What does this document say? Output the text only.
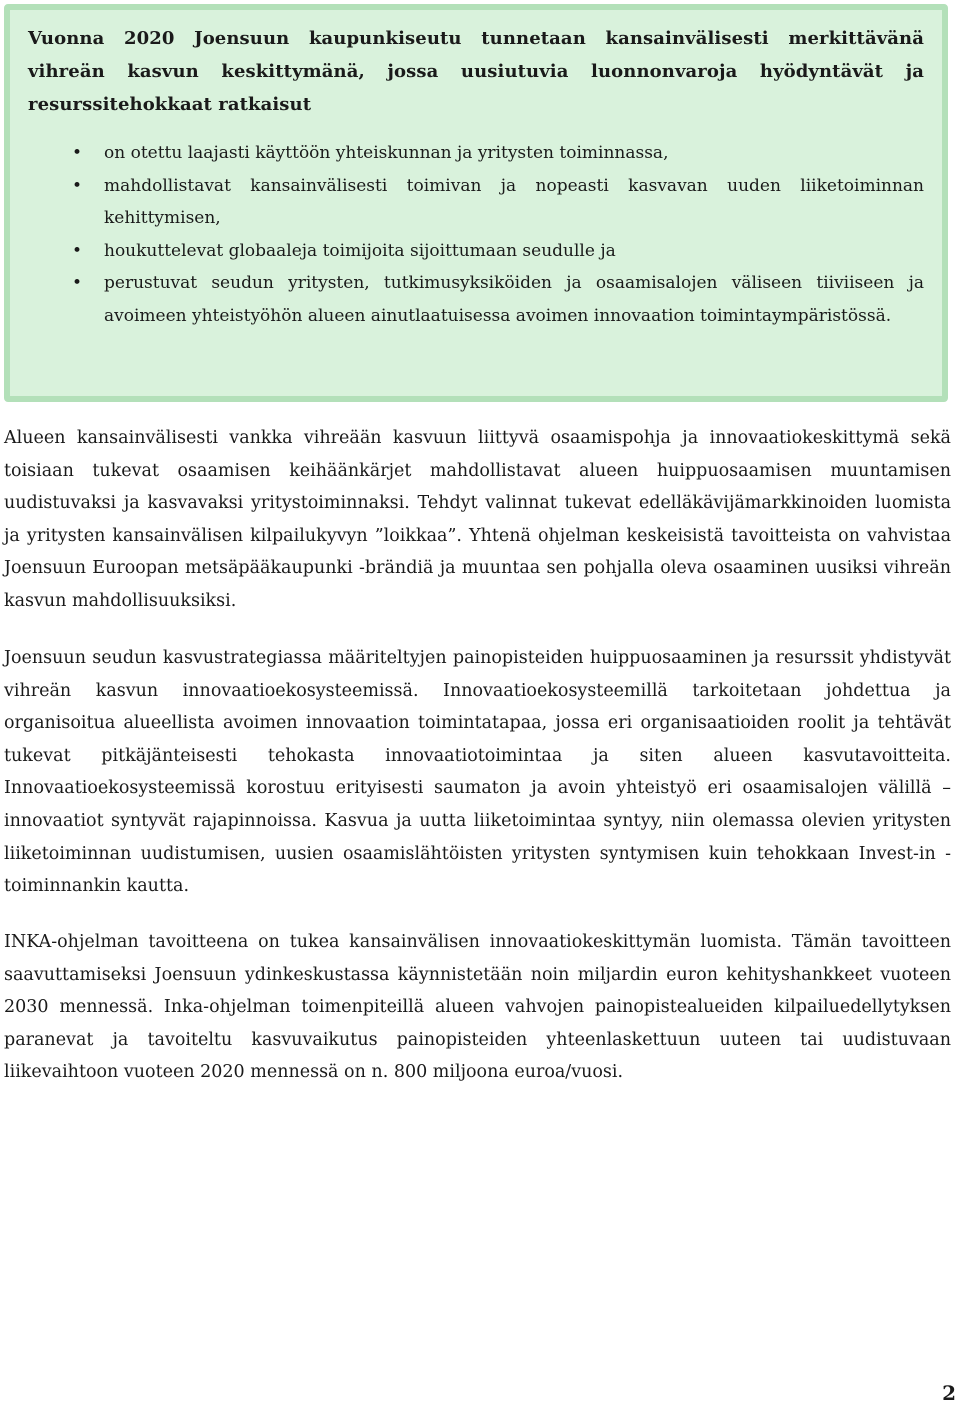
Vuonna 2020 Joensuun kaupunkiseutu tunnetaan kansainvälisesti merkittävänä vihreän kasvun keskittymänä, jossa uusiutuvia luonnonvaroja hyödyntävät ja resurssitehokkaat ratkaisut

• on otettu laajasti käyttöön yhteiskunnan ja yritysten toiminnassa,
• mahdollistavat kansainvälisesti toimivan ja nopeasti kasvavan uuden liiketoiminnan kehittymisen,
• houkuttelevat globaaleja toimijoita sijoittumaan seudulle ja
• perustuvat seudun yritysten, tutkimusyksiköiden ja osaamisalojen väliseen tiiviiseen ja avoimeen yhteistyöhön alueen ainutlaatuisessa avoimen innovaation toimintaympäristössä.

Alueen kansainvälisesti vankka vihreään kasvuun liittyvä osaamispohja ja innovaatiokeskittymä sekä toisiaan tukevat osaamisen keihäänkärjet mahdollistavat alueen huippuosaamisen muuntamisen uudistuvaksi ja kasvavaksi yritystoiminnaksi. Tehdyt valinnat tukevat edelläkävijämarkkinoiden luomista ja yritysten kansainvälisen kilpailukyvyn ”loikkaa”. Yhtenä ohjelman keskeisistä tavoitteista on vahvistaa Joensuun Euroopan metsäpääkaupunki -brändiä ja muuntaa sen pohjalla oleva osaaminen uusiksi vihreän kasvun mahdollisuuksiksi.

Joensuun seudun kasvustrategiassa määriteltyjen painopisteiden huippuosaaminen ja resurssit yhdistyvät vihreän kasvun innovaatioekosysteemissä. Innovaatioekosysteemillä tarkoitetaan johdettua ja organisoitua alueellista avoimen innovaation toimintatapaa, jossa eri organisaatioiden roolit ja tehtävät tukevat pitkäjänteisesti tehokasta innovaatiotoimintaa ja siten alueen kasvutavoitteita. Innovaatioekosysteemissä korostuu erityisesti saumaton ja avoin yhteistyö eri osaamisalojen välillä – innovaatiot syntyvät rajapinnoissa. Kasvua ja uutta liiketoimintaa syntyy, niin olemassa olevien yritysten liiketoiminnan uudistumisen, uusien osaamislähtöisten yritysten syntymisen kuin tehokkaan Invest-in -toiminnankin kautta.

INKA-ohjelman tavoitteena on tukea kansainvälisen innovaatiokeskittymän luomista. Tämän tavoitteen saavuttamiseksi Joensuun ydinkeskustassa käynnistetään noin miljardin euron kehityshankkeet vuoteen 2030 mennessä. Inka-ohjelman toimenpiteillä alueen vahvojen painopistealueiden kilpailuedellytyksen paranevat ja tavoiteltu kasvuvaikutus painopisteiden yhteenlaskettuun uuteen tai uudistuvaan liikevaihtoon vuoteen 2020 mennessä on n. 800 miljoona euroa/vuosi.

2
